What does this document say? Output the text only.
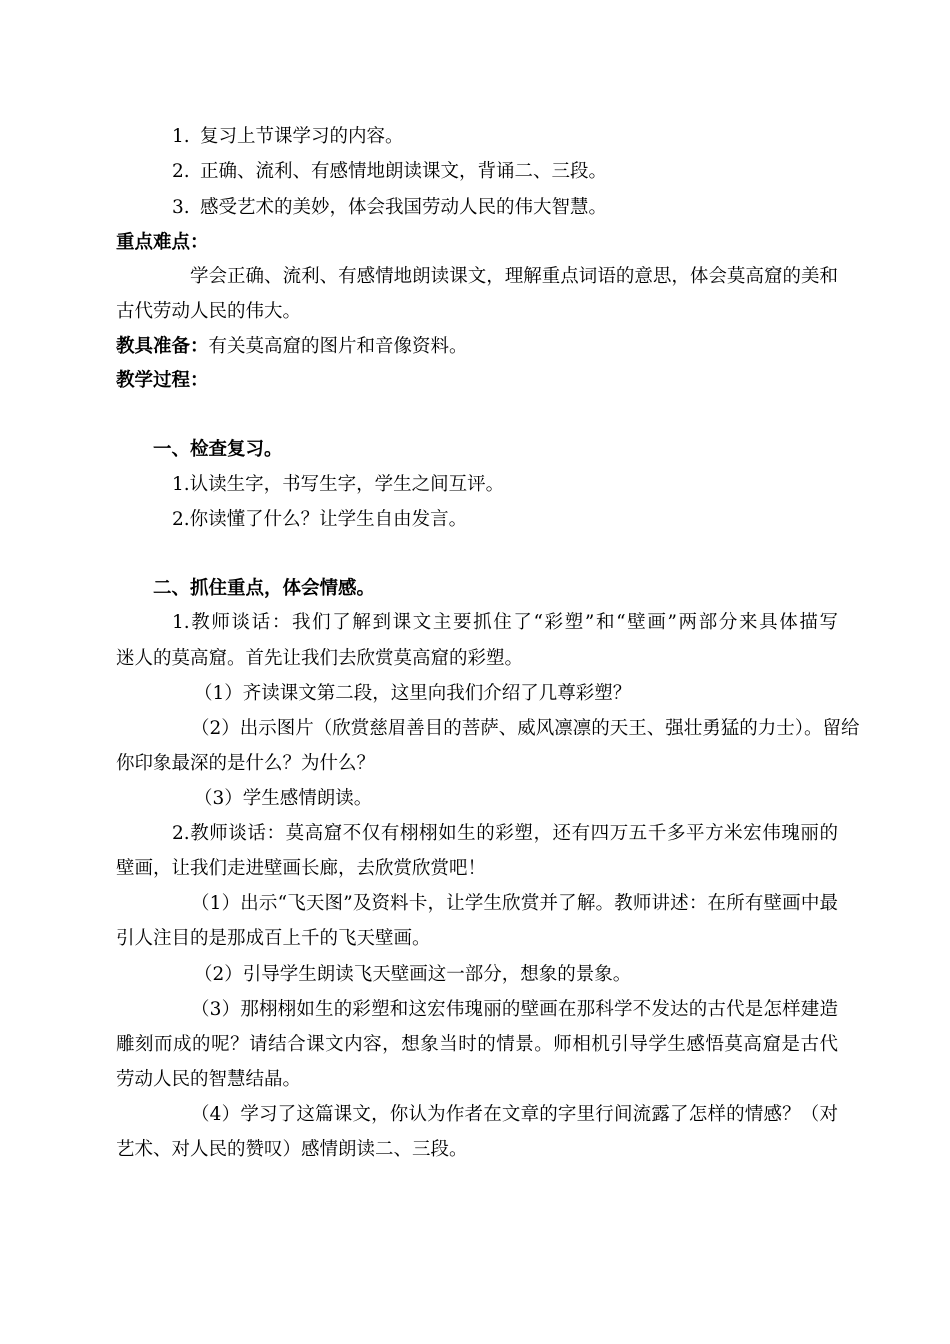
1. 复习上节课学习的内容。
2. 正确、流利、有感情地朗读课文，背诵二、三段。
3. 感受艺术的美妙，体会我国劳动人民的伟大智慧。
重点难点：
学会正确、流利、有感情地朗读课文，理解重点词语的意思，体会莫高窟的美和
古代劳动人民的伟大。
教具准备：有关莫高窟的图片和音像资料。
教学过程：
一、检查复习。
1.认读生字，书写生字，学生之间互评。
2.你读懂了什么？让学生自由发言。
二、抓住重点，体会情感。
1.教师谈话：我们了解到课文主要抓住了“彩塑”和“壁画”两部分来具体描写
迷人的莫高窟。首先让我们去欣赏莫高窟的彩塑。
（1）齐读课文第二段，这里向我们介绍了几尊彩塑？
（2）出示图片（欣赏慈眉善目的菩萨、威风凛凛的天王、强壮勇猛的力士）。留给
你印象最深的是什么？为什么？
（3）学生感情朗读。
2.教师谈话：莫高窟不仅有栩栩如生的彩塑，还有四万五千多平方米宏伟瑰丽的
壁画，让我们走进壁画长廊，去欣赏欣赏吧！
（1）出示“飞天图”及资料卡，让学生欣赏并了解。教师讲述：在所有壁画中最
引人注目的是那成百上千的飞天壁画。
（2）引导学生朗读飞天壁画这一部分，想象的景象。
（3）那栩栩如生的彩塑和这宏伟瑰丽的壁画在那科学不发达的古代是怎样建造
雕刻而成的呢？请结合课文内容，想象当时的情景。师相机引导学生感悟莫高窟是古代
劳动人民的智慧结晶。
（4）学习了这篇课文，你认为作者在文章的字里行间流露了怎样的情感？（对
艺术、对人民的赞叹）感情朗读二、三段。
